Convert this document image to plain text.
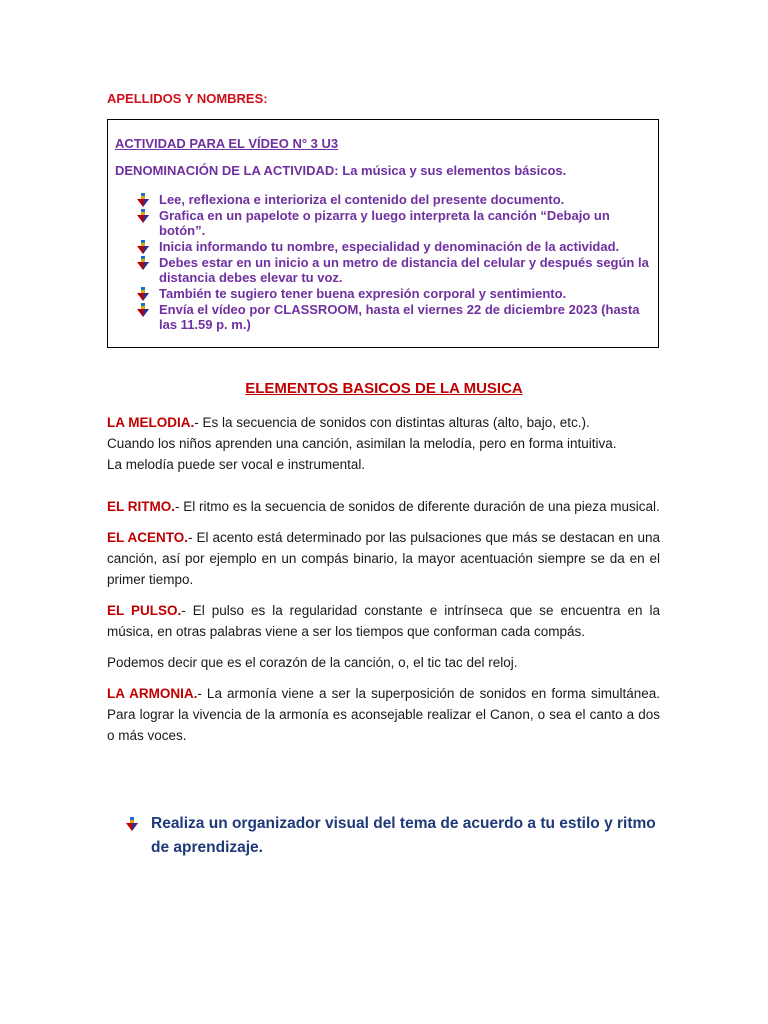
APELLIDOS Y NOMBRES:
ACTIVIDAD PARA EL VÍDEO N° 3 U3
DENOMINACIÓN DE LA ACTIVIDAD: La música y sus elementos básicos.
Lee, reflexiona e interioriza el contenido del presente documento.
Grafica en un papelote o pizarra y luego interpreta la canción “Debajo un botón”.
Inicia informando tu nombre, especialidad y denominación de la actividad.
Debes estar en un inicio a un metro de distancia del celular y después según la distancia debes elevar tu voz.
También te sugiero tener buena expresión corporal y sentimiento.
Envía el vídeo por CLASSROOM, hasta el viernes 22 de diciembre 2023 (hasta las 11.59 p. m.)
ELEMENTOS BASICOS DE LA MUSICA

LA MELODIA.- Es la secuencia de sonidos con distintas alturas (alto, bajo, etc.).

Cuando los niños aprenden una canción, asimilan la melodía, pero en forma intuitiva.

La melodía puede ser vocal e instrumental.

EL RITMO.- El ritmo es la secuencia de sonidos de diferente duración de una pieza musical.

EL ACENTO.- El acento está determinado por las pulsaciones que más se destacan en una canción, así por ejemplo en un compás binario, la mayor acentuación siempre se da en el primer tiempo.

EL PULSO.- El pulso es la regularidad constante e intrínseca que se encuentra en la música, en otras palabras viene a ser los tiempos que conforman cada compás.

Podemos decir que es el corazón de la canción, o, el tic tac del reloj.

LA ARMONIA.- La armonía viene a ser la superposición de sonidos en forma simultánea. Para lograr la vivencia de la armonía es aconsejable realizar el Canon, o sea el canto a dos o más voces.

Realiza un organizador visual del tema de acuerdo a tu estilo y ritmo de aprendizaje.
